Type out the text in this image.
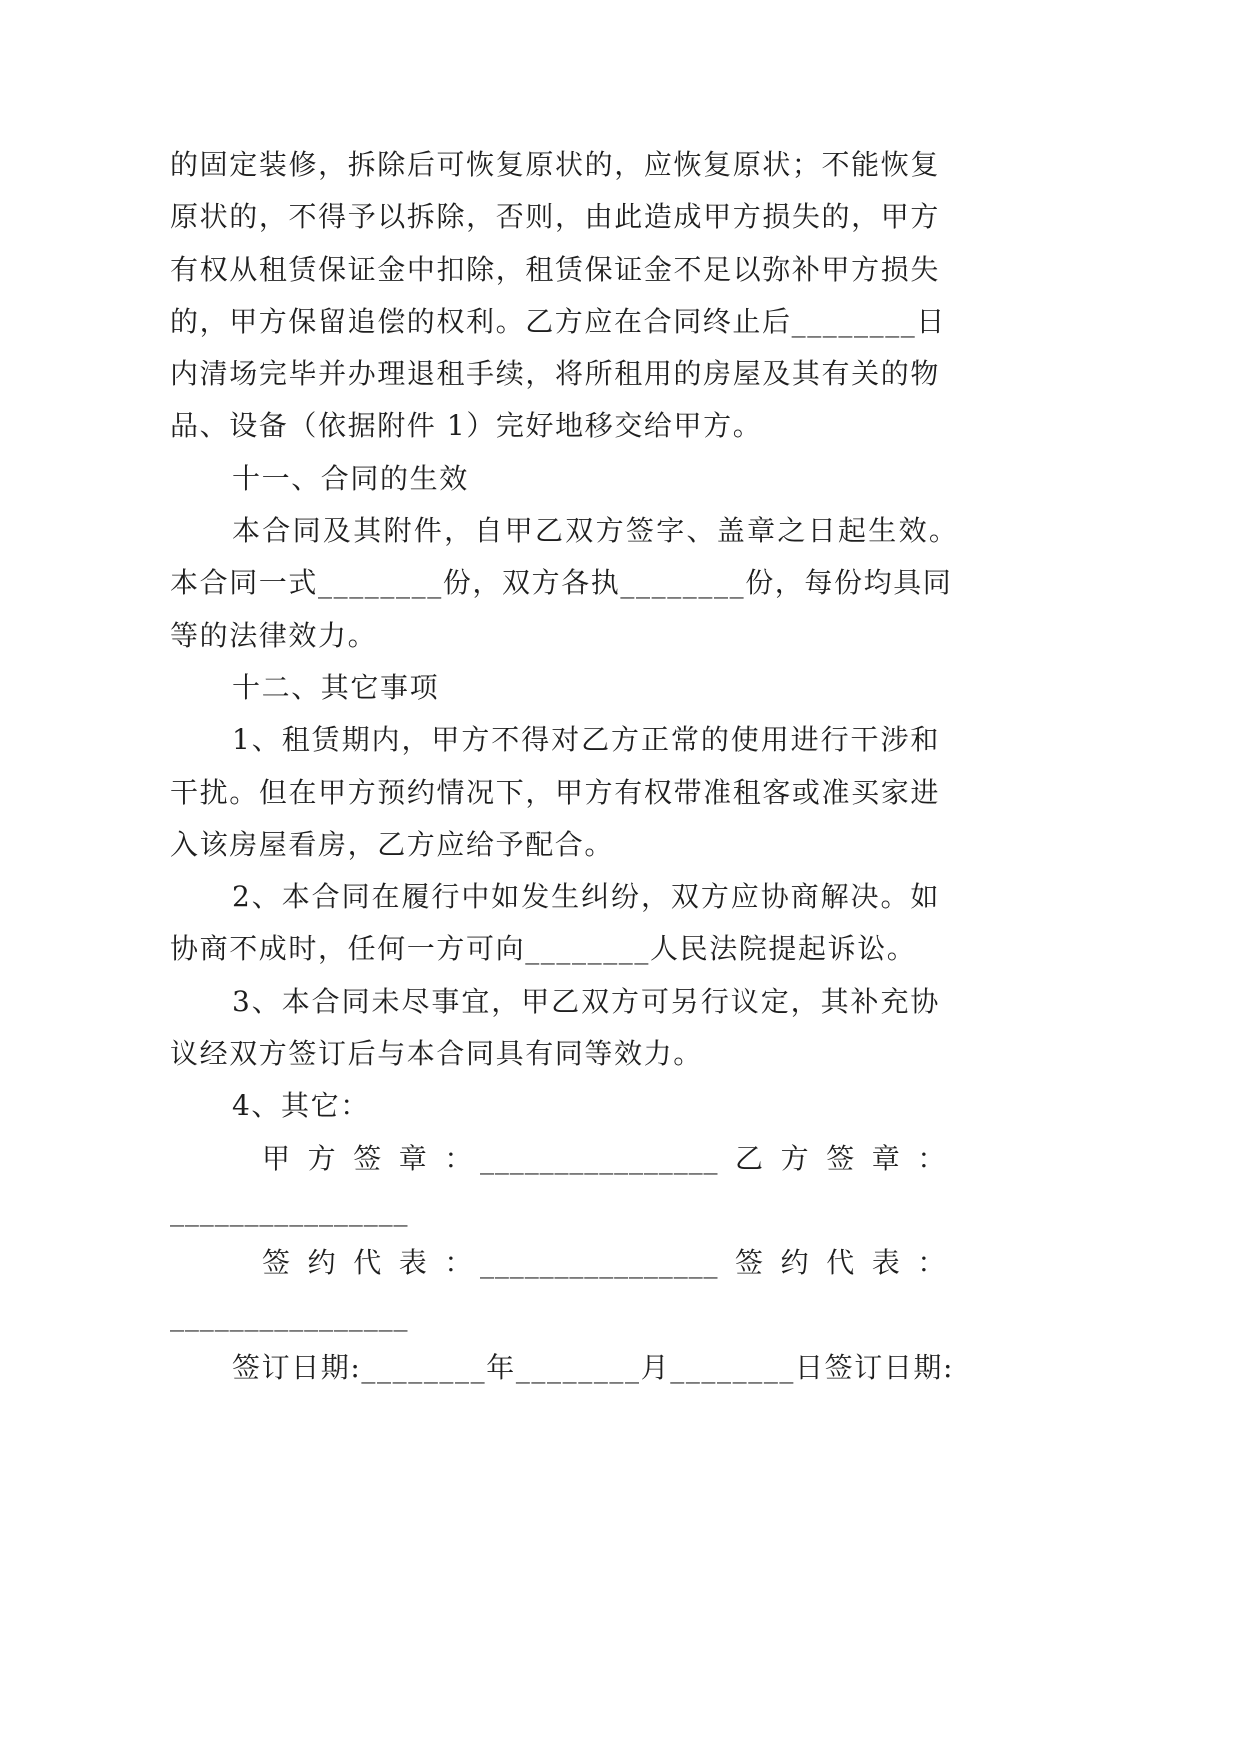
的固定装修，拆除后可恢复原状的，应恢复原状；不能恢复
原状的，不得予以拆除，否则，由此造成甲方损失的，甲方
有权从租赁保证金中扣除，租赁保证金不足以弥补甲方损失
的，甲方保留追偿的权利。乙方应在合同终止后________日
内清场完毕并办理退租手续，将所租用的房屋及其有关的物
品、设备（依据附件 1）完好地移交给甲方。
十一、合同的生效
本合同及其附件，自甲乙双方签字、盖章之日起生效。
本合同一式________份，双方各执________份，每份均具同
等的法律效力。
十二、其它事项
1、租赁期内，甲方不得对乙方正常的使用进行干涉和
干扰。但在甲方预约情况下，甲方有权带准租客或准买家进
入该房屋看房，乙方应给予配合。
2、本合同在履行中如发生纠纷，双方应协商解决。如
协商不成时，任何一方可向________人民法院提起诉讼。
3、本合同未尽事宜，甲乙双方可另行议定，其补充协
议经双方签订后与本合同具有同等效力。
4、其它：
甲方签章：
________________ 乙方签章：
________________
签约代表：
________________ 签约代表：
________________
签订日期:________年________月________日签订日期:
